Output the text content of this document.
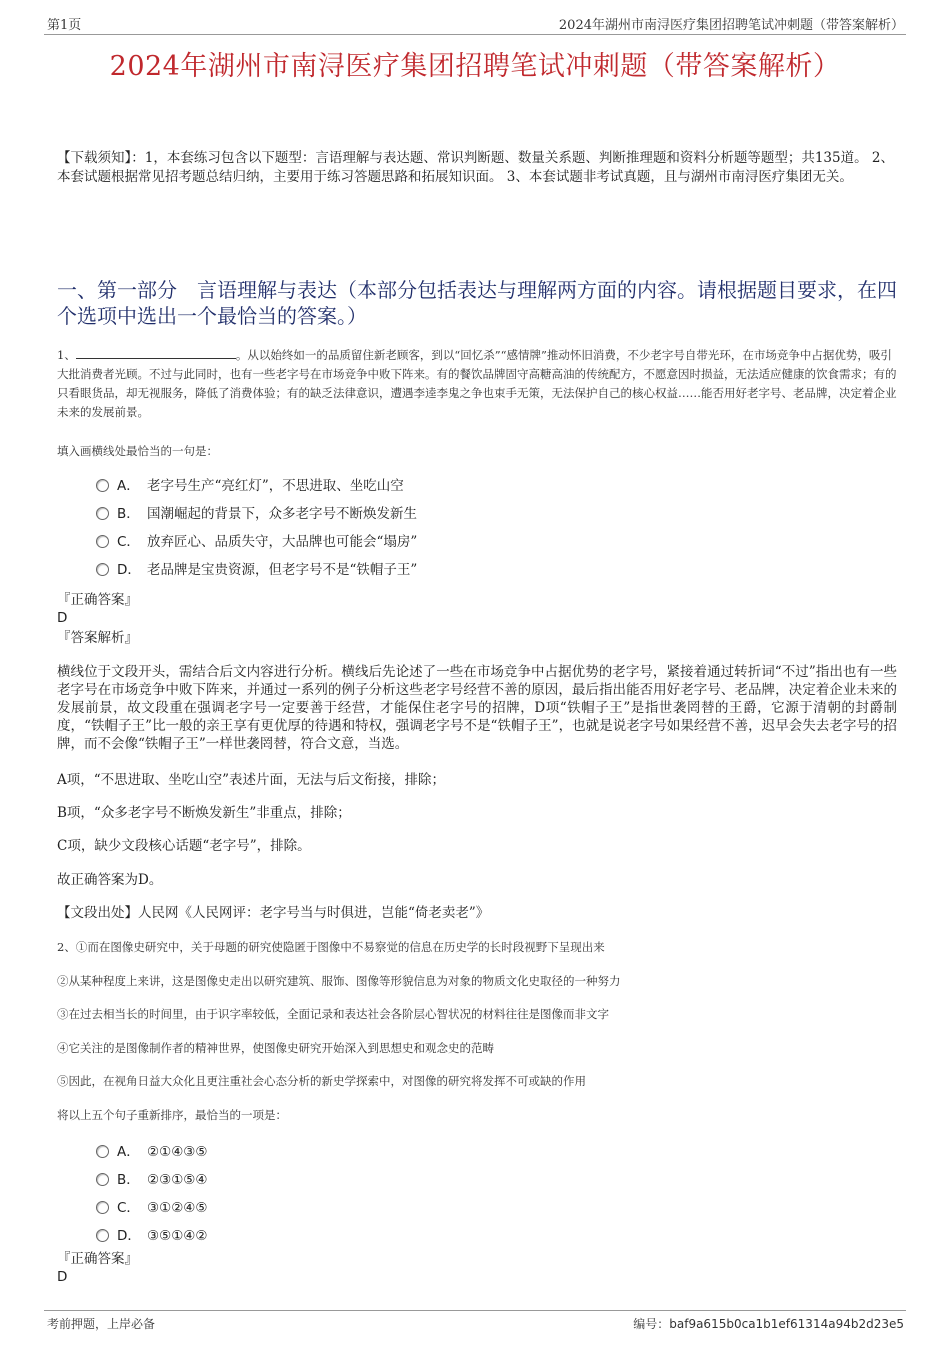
第1页	2024年湖州市南浔医疗集团招聘笔试冲刺题（带答案解析）
2024年湖州市南浔医疗集团招聘笔试冲刺题（带答案解析）
【下载须知】：1，本套练习包含以下题型：言语理解与表达题、常识判断题、数量关系题、判断推理题和资料分析题等题型；共135道。 2、本套试题根据常见招考题总结归纳，主要用于练习答题思路和拓展知识面。 3、本套试题非考试真题，且与湖州市南浔医疗集团无关。
一、第一部分　言语理解与表达（本部分包括表达与理解两方面的内容。请根据题目要求，在四个选项中选出一个最恰当的答案。）
1、	。从以始终如一的品质留住新老顾客，到以“回忆杀”“感情牌”推动怀旧消费，不少老字号自带光环，在市场竞争中占据优势，吸引大批消费者光顾。不过与此同时，也有一些老字号在市场竞争中败下阵来。有的餐饮品牌固守高糖高油的传统配方，不愿意因时损益，无法适应健康的饮食需求；有的只看眼货品，却无视服务，降低了消费体验；有的缺乏法律意识，遭遇李逵李鬼之争也束手无策，无法保护自己的核心权益……能否用好老字号、老品牌，决定着企业未来的发展前景。
填入画横线处最恰当的一句是：
A． 老字号生产“亮红灯”，不思进取、坐吃山空
B． 国潮崛起的背景下，众多老字号不断焕发新生
C． 放弃匠心、品质失守，大品牌也可能会“塌房”
D． 老品牌是宝贵资源，但老字号不是“铁帽子王”
『正确答案』
D
『答案解析』
横线位于文段开头，需结合后文内容进行分析。横线后先论述了一些在市场竞争中占据优势的老字号，紧接着通过转折词“不过”指出也有一些老字号在市场竞争中败下阵来，并通过一系列的例子分析这些老字号经营不善的原因，最后指出能否用好老字号、老品牌，决定着企业未来的发展前景，故文段重在强调老字号一定要善于经营，才能保住老字号的招牌，D项“铁帽子王”是指世袭罔替的王爵，它源于清朝的封爵制度，“铁帽子王”比一般的亲王享有更优厚的待遇和特权，强调老字号不是“铁帽子王”，也就是说老字号如果经营不善，迟早会失去老字号的招牌，而不会像“铁帽子王”一样世袭罔替，符合文意，当选。
A项，“不思进取、坐吃山空”表述片面，无法与后文衔接，排除；
B项，“众多老字号不断焕发新生”非重点，排除；
C项，缺少文段核心话题“老字号”，排除。
故正确答案为D。
【文段出处】人民网《人民网评：老字号当与时俱进，岂能“倚老卖老”》
2、①而在图像史研究中，关于母题的研究使隐匿于图像中不易察觉的信息在历史学的长时段视野下呈现出来
②从某种程度上来讲，这是图像史走出以研究建筑、服饰、图像等形貌信息为对象的物质文化史取径的一种努力
③在过去相当长的时间里，由于识字率较低，全面记录和表达社会各阶层心智状况的材料往往是图像而非文字
④它关注的是图像制作者的精神世界，使图像史研究开始深入到思想史和观念史的范畴
⑤因此，在视角日益大众化且更注重社会心态分析的新史学探索中，对图像的研究将发挥不可或缺的作用
将以上五个句子重新排序，最恰当的一项是：
A． ②①④③⑤
B． ②③①⑤④
C． ③①②④⑤
D． ③⑤①④②
『正确答案』
D
考前押题，上岸必备	编号：baf9a615b0ca1b1ef61314a94b2d23e5
